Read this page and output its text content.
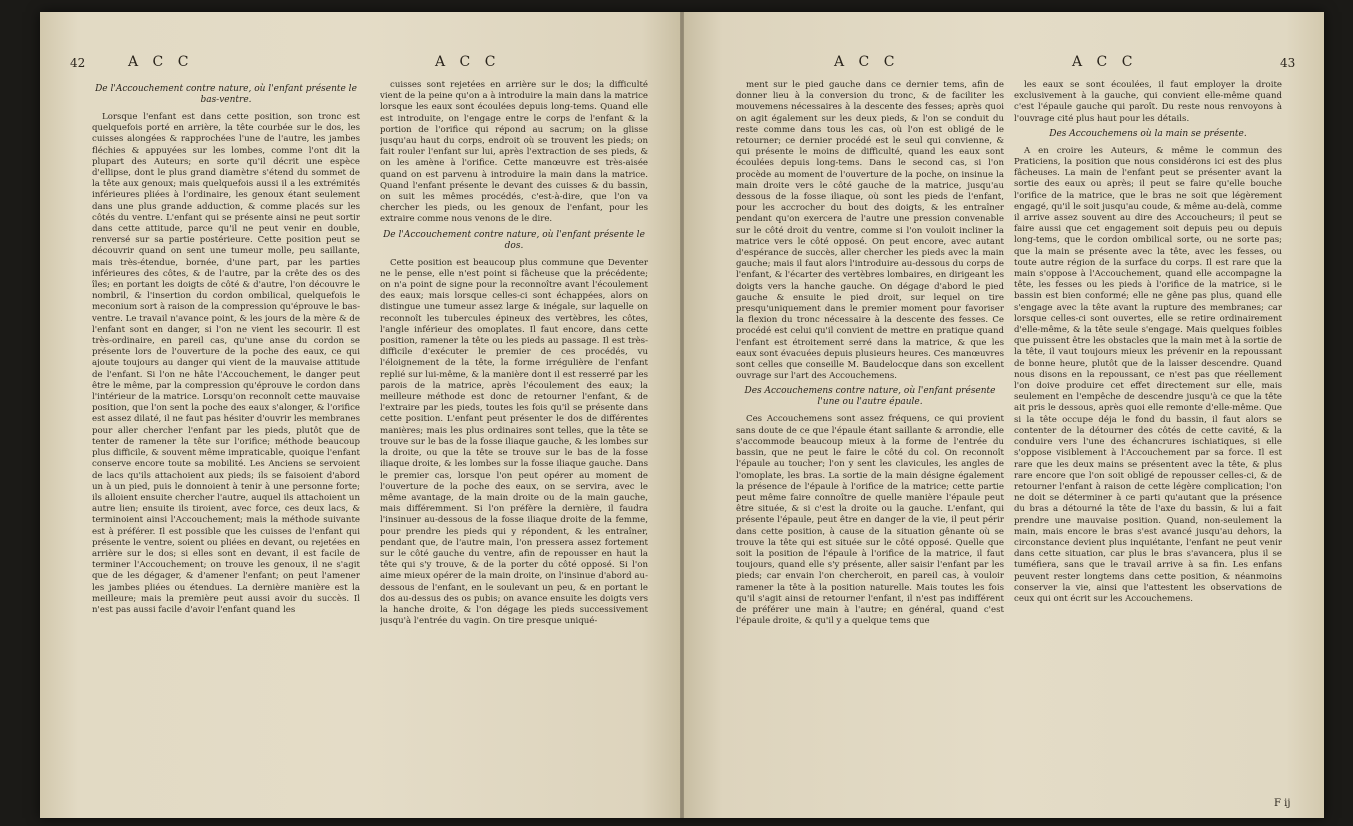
42	A C C	A C C
De l'Accouchement contre nature, où l'enfant présente le bas-ventre.

Lorsque l'enfant est dans cette position, son tronc est quelquefois porté en arrière, la tête courbée sur le dos, les cuisses alongées & rapprochées l'une de l'autre, les jambes fléchies & appuyées sur les lombes, comme l'ont dit la plupart des Auteurs; en sorte qu'il décrit une espèce d'ellipse, dont le plus grand diamètre s'étend du sommet de la tête aux genoux; mais quelquefois aussi il a les extrémités inférieures pliées à l'ordinaire, les genoux étant seulement dans une plus grande adduction, & comme placés sur les côtés du ventre. L'enfant qui se présente ainsi ne peut sortir dans cette attitude, parce qu'il ne peut venir en double, renversé sur sa partie postérieure. Cette position peut se découvrir quand on sent une tumeur molle, peu saillante, mais très-étendue, bornée, d'une part, par les parties inférieures des côtes, & de l'autre, par la crête des os des îles; en portant les doigts de côté & d'autre, l'on découvre le nombril, & l'insertion du cordon ombilical, quelquefois le meconium sort à raison de la compression qu'éprouve le bas-ventre. Le travail n'avance point, & les jours de la mère & de l'enfant sont en danger, si l'on ne vient les secourir. Il est très-ordinaire, en pareil cas, qu'une anse du cordon se présente lors de l'ouverture de la poche des eaux, ce qui ajoute toujours au danger qui vient de la mauvaise attitude de l'enfant. Si l'on ne hâte l'Accouchement, le danger peut être le même, par la compression qu'éprouve le cordon dans l'intérieur de la matrice. Lorsqu'on reconnoît cette mauvaise position, que l'on sent la poche des eaux s'alonger, & l'orifice est assez dilaté, il ne faut pas hésiter d'ouvrir les membranes pour aller chercher l'enfant par les pieds, plutôt que de tenter de ramener la tête sur l'orifice; méthode beaucoup plus difficile, & souvent même impraticable, quoique l'enfant conserve encore toute sa mobilité. Les Anciens se servoient de lacs qu'ils attachoient aux pieds; ils se faisoient d'abord un à un pied, puis le donnoient à tenir à une personne forte; ils alloient ensuite chercher l'autre, auquel ils attachoient un autre lien; ensuite ils tiroient, avec force, ces deux lacs, & terminoient ainsi l'Accouchement; mais la méthode suivante est à préférer. Il est possible que les cuisses de l'enfant qui présente le ventre, soient ou pliées en devant, ou rejetées en arrière sur le dos; si elles sont en devant, il est facile de terminer l'Accouchement; on trouve les genoux, il ne s'agit que de les dégager, & d'amener l'enfant; on peut l'amener les jambes pliées ou étendues. La dernière manière est la meilleure; mais la première peut aussi avoir du succès. Il n'est pas aussi facile d'avoir l'enfant quand les

cuisses sont rejetées en arrière sur le dos; la difficulté vient de la peine qu'on a à introduire la main dans la matrice lorsque les eaux sont écoulées depuis long-tems. Quand elle est introduite, on l'engage entre le corps de l'enfant & la portion de l'orifice qui répond au sacrum; on la glisse jusqu'au haut du corps, endroit où se trouvent les pieds; on fait rouler l'enfant sur lui, après l'extraction de ses pieds, & on les amène à l'orifice. Cette manœuvre est très-aisée quand on est parvenu à introduire la main dans la matrice. Quand l'enfant présente le devant des cuisses & du bassin, on suit les mêmes procédés, c'est-à-dire, que l'on va chercher les pieds, ou les genoux de l'enfant, pour les extraire comme nous venons de le dire.

De l'Accouchement contre nature, où l'enfant présente le dos.

Cette position est beaucoup plus commune que Deventer ne le pense, elle n'est point si fâcheuse que la précédente; on n'a point de signe pour la reconnoître avant l'écoulement des eaux; mais lorsque celles-ci sont échappées, alors on distingue une tumeur assez large & inégale, sur laquelle on reconnoît les tubercules épineux des vertèbres, les côtes, l'angle inférieur des omoplates. Il faut encore, dans cette position, ramener la tête ou les pieds au passage. Il est très-difficile d'exécuter le premier de ces procédés, vu l'éloignement de la tête, la forme irrégulière de l'enfant replié sur lui-même, & la manière dont il est resserré par les parois de la matrice, après l'écoulement des eaux; la meilleure méthode est donc de retourner l'enfant, & de l'extraire par les pieds, toutes les fois qu'il se présente dans cette position. L'enfant peut présenter le dos de différentes manières; mais les plus ordinaires sont telles, que la tête se trouve sur le bas de la fosse iliaque gauche, & les lombes sur la droite, ou que la tête se trouve sur le bas de la fosse iliaque droite, & les lombes sur la fosse iliaque gauche. Dans le premier cas, lorsque l'on peut opérer au moment de l'ouverture de la poche des eaux, on se servira, avec le même avantage, de la main droite ou de la main gauche, mais différemment. Si l'on préfère la dernière, il faudra l'insinuer au-dessous de la fosse iliaque droite de la femme, pour prendre les pieds qui y répondent, & les entraîner, pendant que, de l'autre main, l'on pressera assez fortement sur le côté gauche du ventre, afin de repousser en haut la tête qui s'y trouve, & de la porter du côté opposé. Si l'on aime mieux opérer de la main droite, on l'insinue d'abord au-dessous de l'enfant, en le soulevant un peu, & en portant le dos au-dessus des os pubis; on avance ensuite les doigts vers la hanche droite, & l'on dégage les pieds successivement jusqu'à l'entrée du vagin. On tire presque uniqué-

A C C	A C C	43

ment sur le pied gauche dans ce dernier tems, afin de donner lieu à la conversion du tronc, & de faciliter les mouvemens nécessaires à la descente des fesses; après quoi on agit également sur les deux pieds, & l'on se conduit du reste comme dans tous les cas, où l'on est obligé de le retourner; ce dernier procédé est le seul qui convienne, & qui présente le moins de difficulté, quand les eaux sont écoulées depuis long-tems. Dans le second cas, si l'on procède au moment de l'ouverture de la poche, on insinue la main droite vers le côté gauche de la matrice, jusqu'au dessous de la fosse iliaque, où sont les pieds de l'enfant, pour les accrocher du bout des doigts, & les entraîner pendant qu'on exercera de l'autre une pression convenable sur le côté droit du ventre, comme si l'on vouloit incliner la matrice vers le côté opposé. On peut encore, avec autant d'espérance de succès, aller chercher les pieds avec la main gauche; mais il faut alors l'introduire au-dessous du corps de l'enfant, & l'écarter des vertèbres lombaires, en dirigeant les doigts vers la hanche gauche. On dégage d'abord le pied gauche & ensuite le pied droit, sur lequel on tire presqu'uniquement dans le premier moment pour favoriser la flexion du tronc nécessaire à la descente des fesses. Ce procédé est celui qu'il convient de mettre en pratique quand l'enfant est étroitement serré dans la matrice, & que les eaux sont évacuées depuis plusieurs heures. Ces manœuvres sont celles que conseille M. Baudelocque dans son excellent ouvrage sur l'art des Accouchemens.

Des Accouchemens contre nature, où l'enfant présente l'une ou l'autre épaule.

Ces Accouchemens sont assez fréquens, ce qui provient sans doute de ce que l'épaule étant saillante & arrondie, elle s'accommode beaucoup mieux à la forme de l'entrée du bassin, que ne peut le faire le côté du col. On reconnoît l'épaule au toucher; l'on y sent les clavicules, les angles de l'omoplate, les bras. La sortie de la main désigne également la présence de l'épaule à l'orifice de la matrice; cette partie peut même faire connoître de quelle manière l'épaule peut être située, & si c'est la droite ou la gauche. L'enfant, qui présente l'épaule, peut être en danger de la vie, il peut périr dans cette position, à cause de la situation gênante où se trouve la tête qui est située sur le côté opposé. Quelle que soit la position de l'épaule à l'orifice de la matrice, il faut toujours, quand elle s'y présente, aller saisir l'enfant par les pieds; car envain l'on chercheroit, en pareil cas, à vouloir ramener la tête à la position naturelle. Mais toutes les fois qu'il s'agit ainsi de retourner l'enfant, il n'est pas indifférent de préférer une main à l'autre; en général, quand c'est l'épaule droite, & qu'il y a quelque tems que

les eaux se sont écoulées, il faut employer la droite exclusivement à la gauche, qui convient elle-même quand c'est l'épaule gauche qui paroît. Du reste nous renvoyons à l'ouvrage cité plus haut pour les détails.

Des Accouchemens où la main se présente.

A en croire les Auteurs, & même le commun des Praticiens, la position que nous considérons ici est des plus fâcheuses. La main de l'enfant peut se présenter avant la sortie des eaux ou après; il peut se faire qu'elle bouche l'orifice de la matrice, que le bras ne soit que légèrement engagé, qu'il le soit jusqu'au coude, & même au-delà, comme il arrive assez souvent au dire des Accoucheurs; il peut se faire aussi que cet engagement soit depuis peu ou depuis long-tems, que le cordon ombilical sorte, ou ne sorte pas; que la main se présente avec la tête, avec les fesses, ou toute autre région de la surface du corps. Il est rare que la main s'oppose à l'Accouchement, quand elle accompagne la tête, les fesses ou les pieds à l'orifice de la matrice, si le bassin est bien conformé; elle ne gêne pas plus, quand elle s'engage avec la tête avant la rupture des membranes; car lorsque celles-ci sont ouvertes, elle se retire ordinairement d'elle-même, & la tête seule s'engage. Mais quelques foibles que puissent être les obstacles que la main met à la sortie de la tête, il vaut toujours mieux les prévenir en la repoussant de bonne heure, plutôt que de la laisser descendre. Quand nous disons en la repoussant, ce n'est pas que réellement l'on doive produire cet effet directement sur elle, mais seulement en l'empêche de descendre jusqu'à ce que la tête ait pris le dessous, après quoi elle remonte d'elle-même. Que si la tête occupe déja le fond du bassin, il faut alors se contenter de la détourner des côtés de cette cavité, & la conduire vers l'une des échancrures ischiatiques, si elle s'oppose visiblement à l'Accouchement par sa force. Il est rare que les deux mains se présentent avec la tête, & plus rare encore que l'on soit obligé de repousser celles-ci, & de retourner l'enfant à raison de cette légère complication; l'on ne doit se déterminer à ce parti qu'autant que la présence du bras a détourné la tête de l'axe du bassin, & lui a fait prendre une mauvaise position. Quand, non-seulement la main, mais encore le bras s'est avancé jusqu'au dehors, la circonstance devient plus inquiétante, l'enfant ne peut venir dans cette situation, car plus le bras s'avancera, plus il se tuméfiera, sans que le travail arrive à sa fin. Les enfans peuvent rester longtems dans cette position, & néanmoins conserver la vie, ainsi que l'attestent les observations de ceux qui ont écrit sur les Accouchemens.

F ij
